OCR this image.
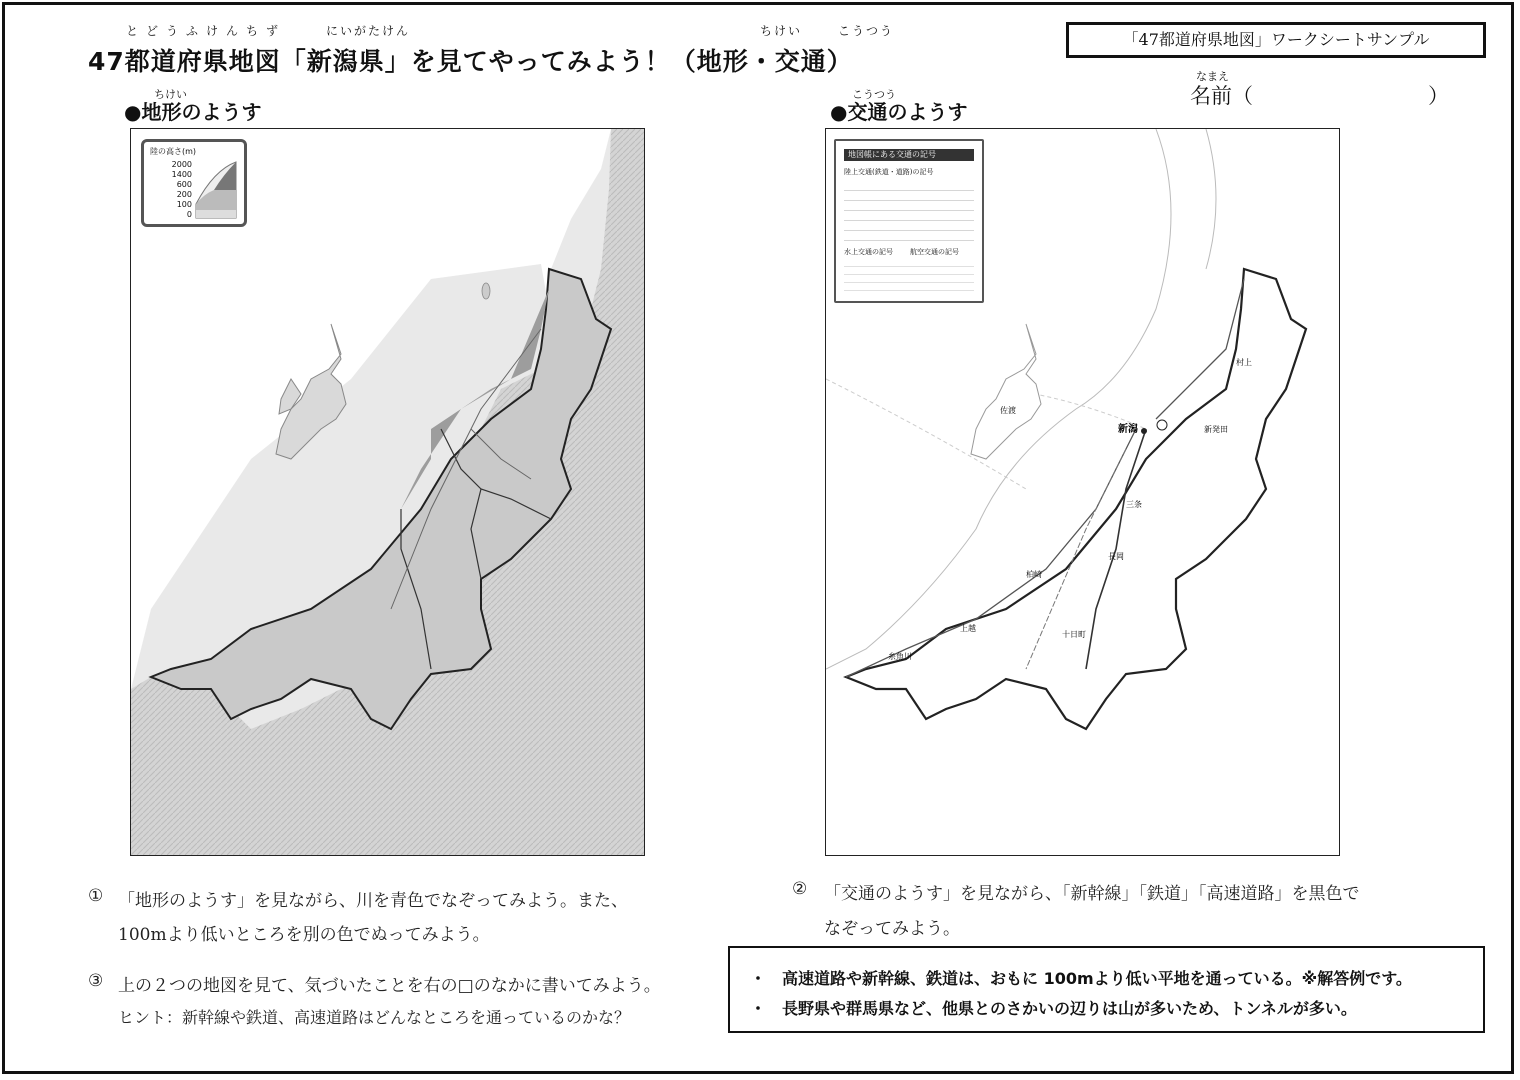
とどうふけんちず	にいがたけん	ちけい	こうつう
47都道府県地図「新潟県」を見てやってみよう！（地形・交通）
「47都道府県地図」ワークシートサンプル
なまえ
名前（	）
ちけい
●地形のようす
こうつう
●交通のようす
陸の高さ(m)
2000
1400
600
200
100
0
新潟	新発田
村上
三条
長岡
柏崎
上越
糸魚川
十日町
佐渡
地図帳にある交通の記号
陸上交通(鉄道・道路)の記号
水上交通の記号 航空交通の記号
① 「地形のようす」を見ながら、川を青色でなぞってみよう。また、
100mより低いところを別の色でぬってみよう。
② 「交通のようす」を見ながら、「新幹線」「鉄道」「高速道路」を黒色で
なぞってみよう。
③ 上の２つの地図を見て、気づいたことを右の□のなかに書いてみよう。
ヒント：新幹線や鉄道、高速道路はどんなところを通っているのかな？
・　高速道路や新幹線、鉄道は、おもに 100mより低い平地を通っている。※解答例です。
・　長野県や群馬県など、他県とのさかいの辺りは山が多いため、トンネルが多い。
